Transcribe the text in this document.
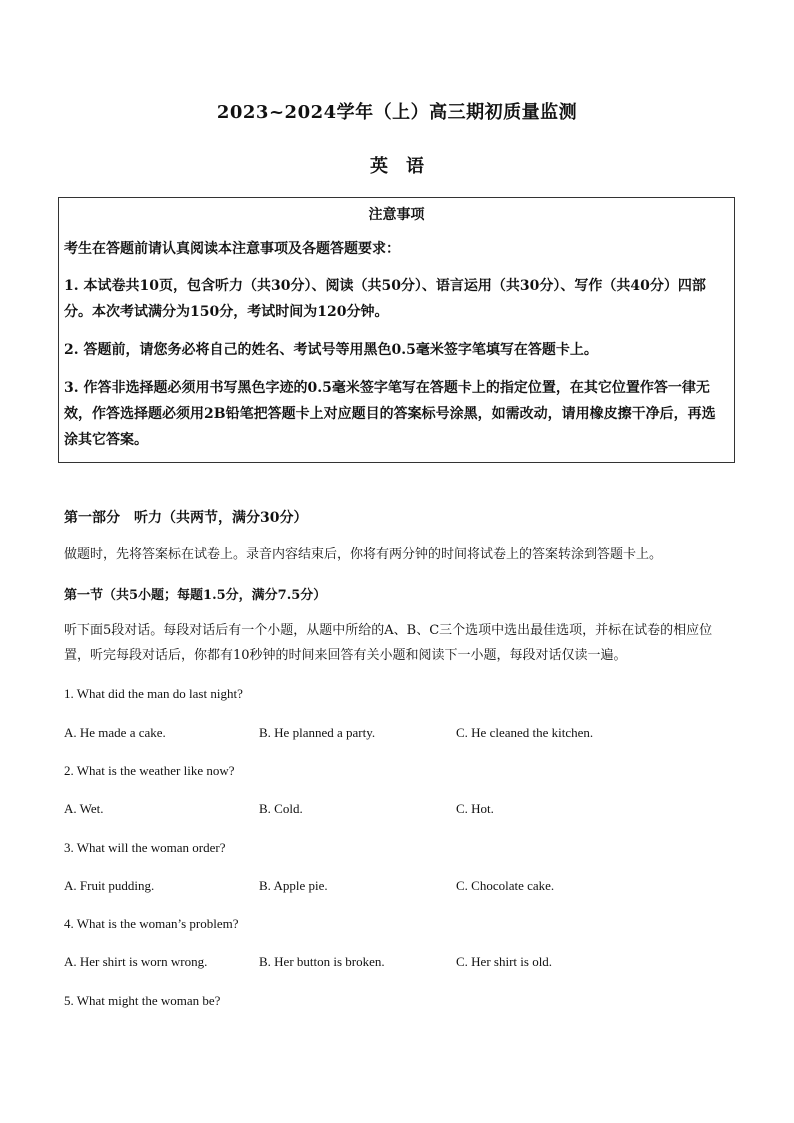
2023~2024学年（上）高三期初质量监测
英语
注意事项
考生在答题前请认真阅读本注意事项及各题答题要求：
1. 本试卷共10页，包含听力（共30分）、阅读（共50分）、语言运用（共30分）、写作（共40分）四部分。本次考试满分为150分，考试时间为120分钟。
2. 答题前，请您务必将自己的姓名、考试号等用黑色0.5毫米签字笔填写在答题卡上。
3. 作答非选择题必须用书写黑色字迹的0.5毫米签字笔写在答题卡上的指定位置，在其它位置作答一律无效，作答选择题必须用2B铅笔把答题卡上对应题目的答案标号涂黑，如需改动，请用橡皮擦干净后，再选涂其它答案。
第一部分　听力（共两节，满分30分）
做题时，先将答案标在试卷上。录音内容结束后，你将有两分钟的时间将试卷上的答案转涂到答题卡上。
第一节（共5小题；每题1.5分，满分7.5分）
听下面5段对话。每段对话后有一个小题，从题中所给的A、B、C三个选项中选出最佳选项，并标在试卷的相应位置，听完每段对话后，你都有10秒钟的时间来回答有关小题和阅读下一小题，每段对话仅读一遍。
1. What did the man do last night?
A. He made a cake.	B. He planned a party.	C. He cleaned the kitchen.
2. What is the weather like now?
A. Wet.	B. Cold.	C. Hot.
3. What will the woman order?
A. Fruit pudding.	B. Apple pie.	C. Chocolate cake.
4. What is the woman’s problem?
A. Her shirt is worn wrong.	B. Her button is broken.	C. Her shirt is old.
5. What might the woman be?
